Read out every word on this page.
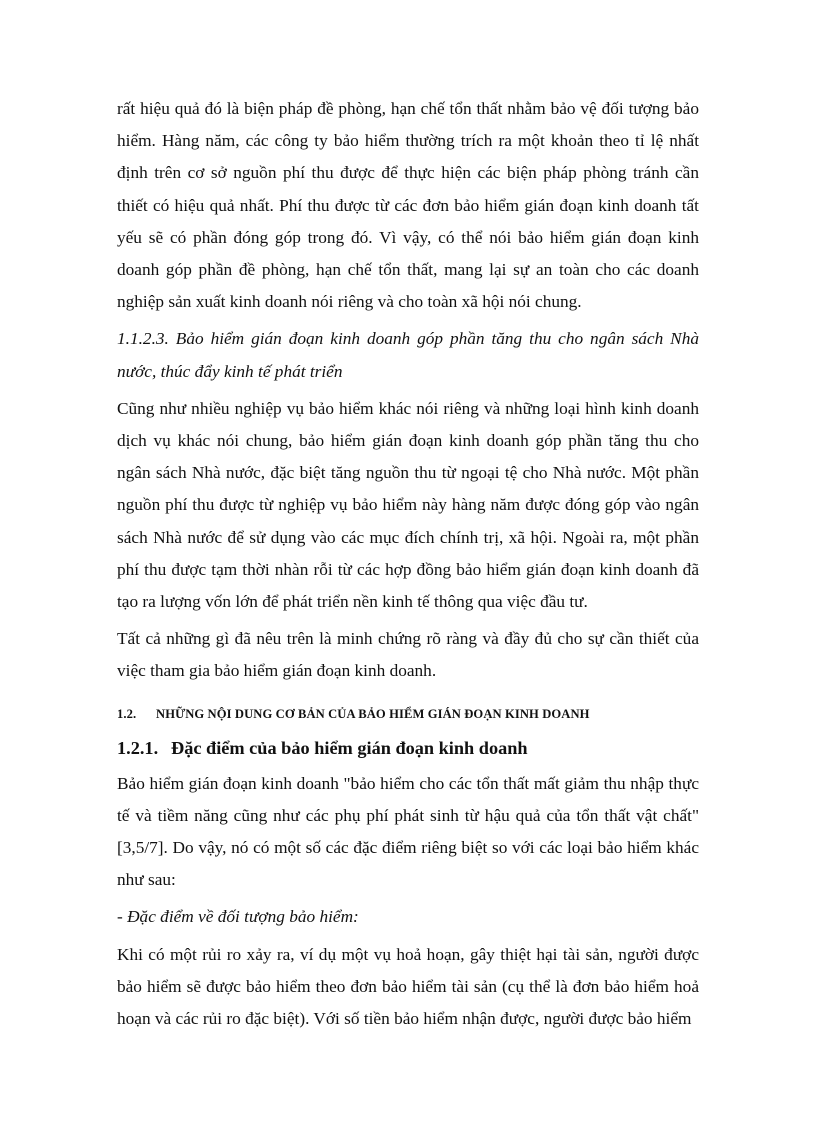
rất hiệu quả đó là biện pháp đề phòng, hạn chế tổn thất nhằm bảo vệ đối tượng bảo hiểm. Hàng năm, các công ty bảo hiểm thường trích ra một khoản theo tỉ lệ nhất định trên cơ sở nguồn phí thu được để thực hiện các biện pháp phòng tránh cần thiết có hiệu quả nhất. Phí thu được từ các đơn bảo hiểm gián đoạn kinh doanh tất yếu sẽ có phần đóng góp trong đó. Vì vậy, có thể nói bảo hiểm gián đoạn kinh doanh góp phần đề phòng, hạn chế tổn thất, mang lại sự an toàn cho các doanh nghiệp sản xuất kinh doanh nói riêng và cho toàn xã hội nói chung.

1.1.2.3. Bảo hiểm gián đoạn kinh doanh góp phần tăng thu cho ngân sách Nhà nước, thúc đẩy kinh tế phát triển

Cũng như nhiều nghiệp vụ bảo hiểm khác nói riêng và những loại hình kinh doanh dịch vụ khác nói chung, bảo hiểm gián đoạn kinh doanh góp phần tăng thu cho ngân sách Nhà nước, đặc biệt tăng nguồn thu từ ngoại tệ cho Nhà nước. Một phần nguồn phí thu được từ nghiệp vụ bảo hiểm này hàng năm được đóng góp vào ngân sách Nhà nước để sử dụng vào các mục đích chính trị, xã hội. Ngoài ra, một phần phí thu được tạm thời nhàn rỗi từ các hợp đồng bảo hiểm gián đoạn kinh doanh đã tạo ra lượng vốn lớn để phát triển nền kinh tế thông qua việc đầu tư.

Tất cả những gì đã nêu trên là minh chứng rõ ràng và đầy đủ cho sự cần thiết của việc tham gia bảo hiểm gián đoạn kinh doanh.

1.2. NHỮNG NỘI DUNG CƠ BẢN CỦA BẢO HIỂM GIÁN ĐOẠN KINH DOANH

1.2.1. Đặc điểm của bảo hiểm gián đoạn kinh doanh

Bảo hiểm gián đoạn kinh doanh "bảo hiểm cho các tổn thất mất giảm thu nhập thực tế và tiềm năng cũng như các phụ phí phát sinh từ hậu quả của tổn thất vật chất" [3,5/7]. Do vậy, nó có một số các đặc điểm riêng biệt so với các loại bảo hiểm khác như sau:

- Đặc điểm về đối tượng bảo hiểm:

Khi có một rủi ro xảy ra, ví dụ một vụ hoả hoạn, gây thiệt hại tài sản, người được bảo hiểm sẽ được bảo hiểm theo đơn bảo hiểm tài sản (cụ thể là đơn bảo hiểm hoả hoạn và các rủi ro đặc biệt). Với số tiền bảo hiểm nhận được, người được bảo hiểm
